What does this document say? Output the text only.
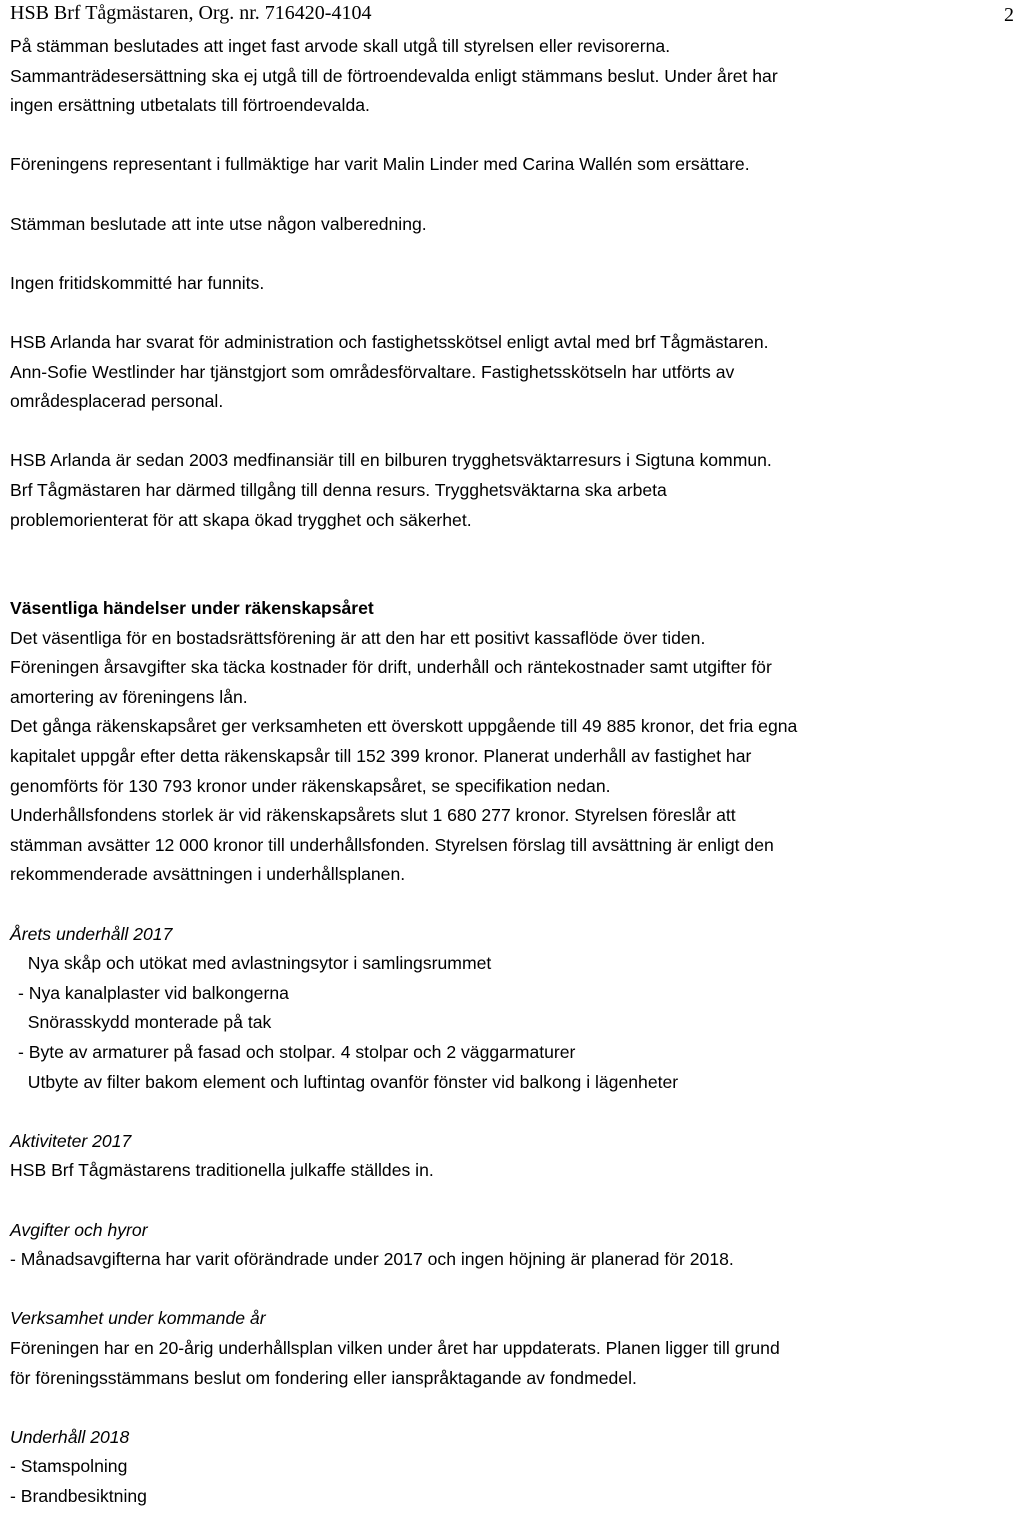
HSB Brf Tågmästaren, Org. nr. 716420-4104	2

På stämman beslutades att inget fast arvode skall utgå till styrelsen eller revisorerna.

Sammanträdesersättning ska ej utgå till de förtroendevalda enligt stämmans beslut. Under året har

ingen ersättning utbetalats till förtroendevalda.

Föreningens representant i fullmäktige har varit Malin Linder med Carina Wallén som ersättare.

Stämman beslutade att inte utse någon valberedning.

Ingen fritidskommitté har funnits.

HSB Arlanda har svarat för administration och fastighetsskötsel enligt avtal med brf Tågmästaren.

Ann-Sofie Westlinder har tjänstgjort som områdesförvaltare. Fastighetsskötseln har utförts av

områdesplacerad personal.

HSB Arlanda är sedan 2003 medfinansiär till en bilburen trygghetsväktarresurs i Sigtuna kommun.

Brf Tågmästaren har därmed tillgång till denna resurs. Trygghetsväktarna ska arbeta

problemorienterat för att skapa ökad trygghet och säkerhet.

Väsentliga händelser under räkenskapsåret

Det väsentliga för en bostadsrättsförening är att den har ett positivt kassaflöde över tiden.

Föreningen årsavgifter ska täcka kostnader för drift, underhåll och räntekostnader samt utgifter för

amortering av föreningens lån.

Det gånga räkenskapsåret ger verksamheten ett överskott uppgående till 49 885 kronor, det fria egna

kapitalet uppgår efter detta räkenskapsår till 152 399 kronor. Planerat underhåll av fastighet har

genomförts för 130 793 kronor under räkenskapsåret, se specifikation nedan.

Underhållsfondens storlek är vid räkenskapsårets slut 1 680 277 kronor. Styrelsen föreslår att

stämman avsätter 12 000 kronor till underhållsfonden. Styrelsen förslag till avsättning är enligt den

rekommenderade avsättningen i underhållsplanen.

Årets underhåll 2017

Nya skåp och utökat med avlastningsytor i samlingsrummet
- Nya kanalplaster vid balkongerna
Snörasskydd monterade på tak
- Byte av armaturer på fasad och stolpar. 4 stolpar och 2 väggarmaturer
Utbyte av filter bakom element och luftintag ovanför fönster vid balkong i lägenheter

Aktiviteter 2017

HSB Brf Tågmästarens traditionella julkaffe ställdes in.

Avgifter och hyror

- Månadsavgifterna har varit oförändrade under 2017 och ingen höjning är planerad för 2018.

Verksamhet under kommande år

Föreningen har en 20-årig underhållsplan vilken under året har uppdaterats. Planen ligger till grund

för föreningsstämmans beslut om fondering eller ianspråktagande av fondmedel.

Underhåll 2018

- Stamspolning
- Brandbesiktning
